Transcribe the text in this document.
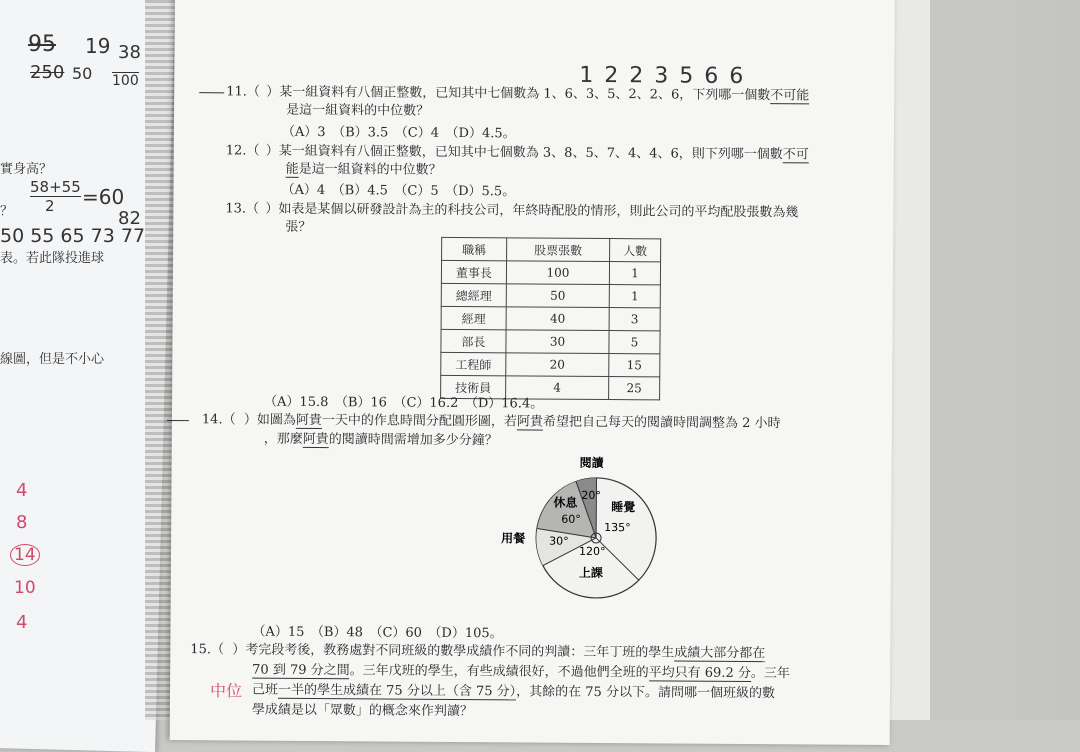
95 19 38
250 50 100
實身高？
58+55
2 =60
？	82
50 55 65 73 77
表。若此隊投進球
線圖，但是不小心
4
8
14
10
4
1 2 2 3 5 6 6
11.（ ）某一組資料有八個正整數，已知其中七個數為 1、6、3、5、2、2、6，下列哪一個數不可能
是這一組資料的中位數？
（A）3　（B）3.5　（C）4　（D）4.5。
12.（ ）某一組資料有八個正整數，已知其中七個數為 3、8、5、7、4、4、6，則下列哪一個數不可
能是這一組資料的中位數？
（A）4　（B）4.5　（C）5　（D）5.5。
13.（ ）如表是某個以研發設計為主的科技公司，年終時配股的情形，則此公司的平均配股張數為幾
張？
職稱	股票張數	人數
董事長	100	1
總經理	50	1
經理	40	3
部長	30	5
工程師	20	15
技術員	4	25
（A）15.8　（B）16　（C）16.2　（D）16.4。
14.（ ）如圖為阿貴一天中的作息時間分配圓形圖，若阿貴希望把自己每天的閱讀時間調整為 2 小時
，那麼阿貴的閱讀時間需增加多少分鐘？
閱讀
20°
休息
60°
睡覺
135°
用餐 30°
120°
上課
（A）15　（B）48　（C）60　（D）105。
15.（ ）考完段考後，教務處對不同班級的數學成績作不同的判讀：三年丁班的學生成績大部分都在
70 到 79 分之間。三年戊班的學生，有些成績很好，不過他們全班的平均只有 69.2 分。三年
己班一半的學生成績在 75 分以上（含 75 分），其餘的在 75 分以下。請問哪一個班級的數
學成績是以「眾數」的概念來作判讀？
中位
